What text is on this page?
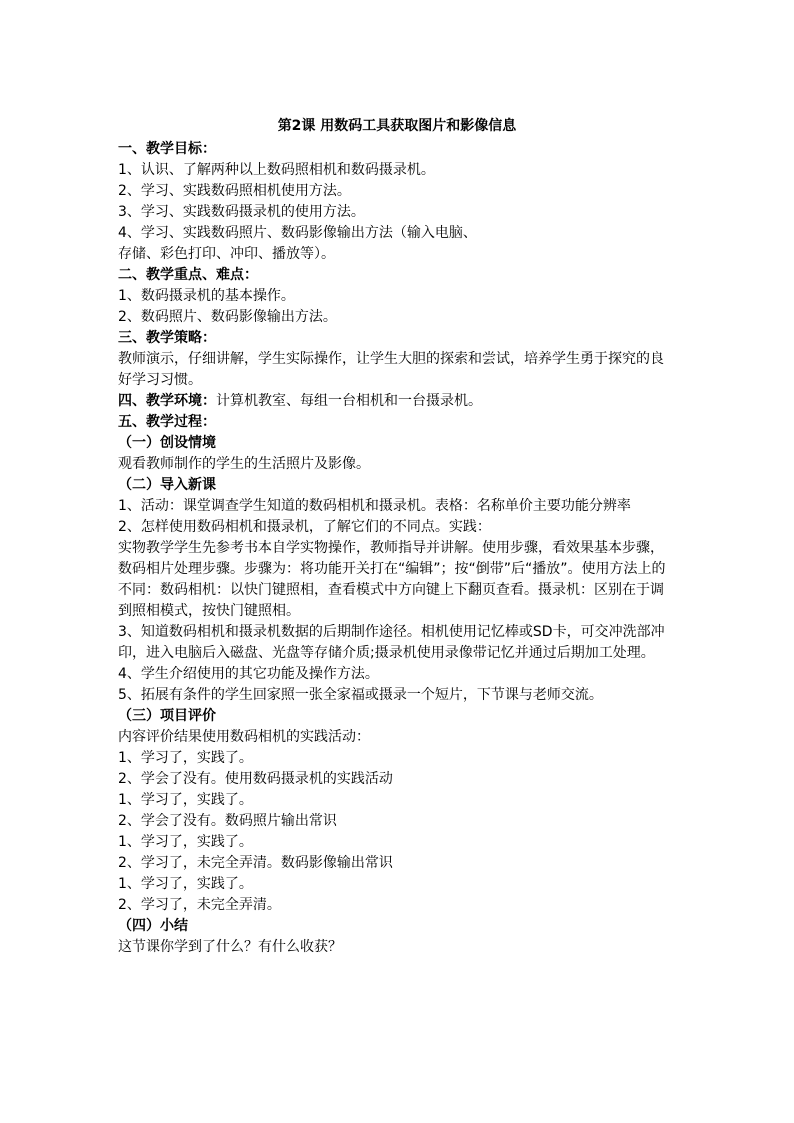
第2课 用数码工具获取图片和影像信息
一、教学目标：
1、认识、了解两种以上数码照相机和数码摄录机。
2、学习、实践数码照相机使用方法。
3、学习、实践数码摄录机的使用方法。
4、学习、实践数码照片、数码影像输出方法（输入电脑、
存储、彩色打印、冲印、播放等）。
二、教学重点、难点：
1、数码摄录机的基本操作。
2、数码照片、数码影像输出方法。
三、教学策略：
教师演示，仔细讲解，学生实际操作，让学生大胆的探索和尝试，培养学生勇于探究的良好学习习惯。
四、教学环境：计算机教室、每组一台相机和一台摄录机。
五、教学过程：
（一）创设情境
观看教师制作的学生的生活照片及影像。
（二）导入新课
1、活动：课堂调查学生知道的数码相机和摄录机。表格：名称单价主要功能分辨率
2、怎样使用数码相机和摄录机，了解它们的不同点。实践：
实物教学学生先参考书本自学实物操作，教师指导并讲解。使用步骤，看效果基本步骤，数码相片处理步骤。步骤为：将功能开关打在“编辑”；按“倒带”后“播放”。使用方法上的不同：数码相机：以快门键照相，查看模式中方向键上下翻页查看。摄录机：区别在于调到照相模式，按快门键照相。
3、知道数码相机和摄录机数据的后期制作途径。相机使用记忆棒或SD卡，可交冲洗部冲印，进入电脑后入磁盘、光盘等存储介质;摄录机使用录像带记忆并通过后期加工处理。
4、学生介绍使用的其它功能及操作方法。
5、拓展有条件的学生回家照一张全家福或摄录一个短片，下节课与老师交流。
（三）项目评价
内容评价结果使用数码相机的实践活动：
1、学习了，实践了。
2、学会了没有。使用数码摄录机的实践活动
1、学习了，实践了。
2、学会了没有。数码照片输出常识
1、学习了，实践了。
2、学习了，未完全弄清。数码影像输出常识
1、学习了，实践了。
2、学习了，未完全弄清。
（四）小结
这节课你学到了什么？有什么收获？
